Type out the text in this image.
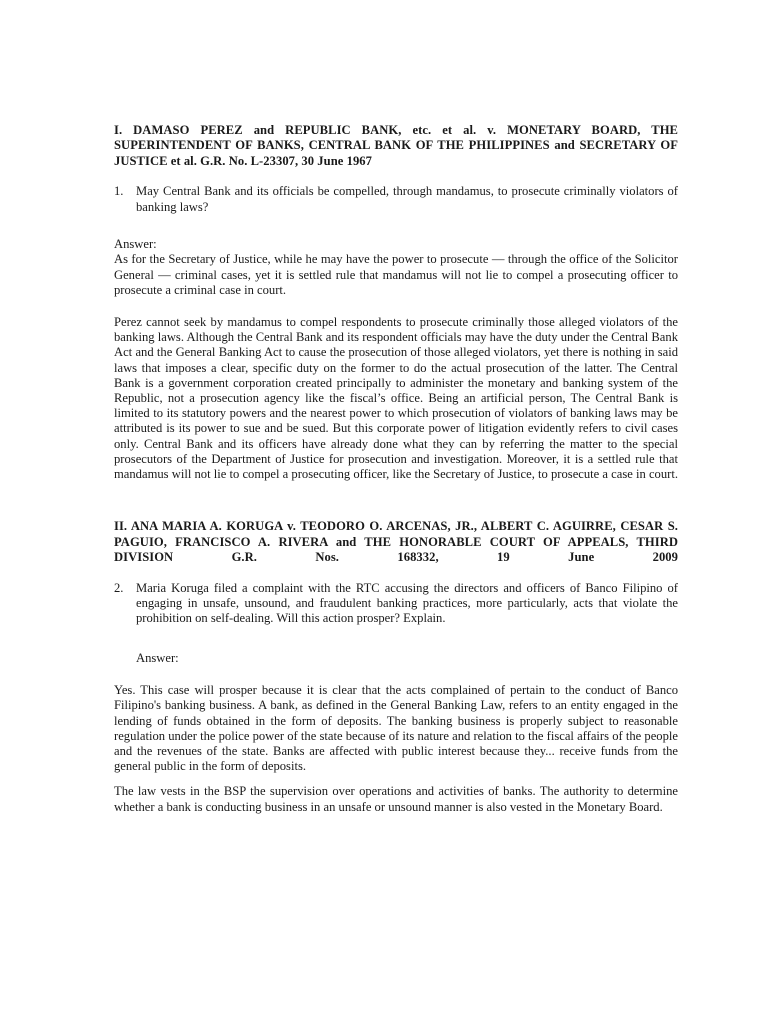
I. DAMASO PEREZ and REPUBLIC BANK, etc. et al. v. MONETARY BOARD, THE SUPERINTENDENT OF BANKS, CENTRAL BANK OF THE PHILIPPINES and SECRETARY OF JUSTICE et al. G.R. No. L-23307, 30 June 1967

1. May Central Bank and its officials be compelled, through mandamus, to prosecute criminally violators of banking laws?

Answer:

As for the Secretary of Justice, while he may have the power to prosecute — through the office of the Solicitor General — criminal cases, yet it is settled rule that mandamus will not lie to compel a prosecuting officer to prosecute a criminal case in court.

Perez cannot seek by mandamus to compel respondents to prosecute criminally those alleged violators of the banking laws. Although the Central Bank and its respondent officials may have the duty under the Central Bank Act and the General Banking Act to cause the prosecution of those alleged violators, yet there is nothing in said laws that imposes a clear, specific duty on the former to do the actual prosecution of the latter. The Central Bank is a government corporation created principally to administer the monetary and banking system of the Republic, not a prosecution agency like the fiscal’s office. Being an artificial person, The Central Bank is limited to its statutory powers and the nearest power to which prosecution of violators of banking laws may be attributed is its power to sue and be sued. But this corporate power of litigation evidently refers to civil cases only. Central Bank and its officers have already done what they can by referring the matter to the special prosecutors of the Department of Justice for prosecution and investigation. Moreover, it is a settled rule that mandamus will not lie to compel a prosecuting officer, like the Secretary of Justice, to prosecute a case in court.

II. ANA MARIA A. KORUGA v. TEODORO O. ARCENAS, JR., ALBERT C. AGUIRRE, CESAR S. PAGUIO, FRANCISCO A. RIVERA and THE HONORABLE COURT OF APPEALS, THIRD DIVISION G.R. Nos. 168332, 19 June 2009

2. Maria Koruga filed a complaint with the RTC accusing the directors and officers of Banco Filipino of engaging in unsafe, unsound, and fraudulent banking practices, more particularly, acts that violate the prohibition on self-dealing. Will this action prosper? Explain.

Answer:

Yes. This case will prosper because it is clear that the acts complained of pertain to the conduct of Banco Filipino's banking business. A bank, as defined in the General Banking Law, refers to an entity engaged in the lending of funds obtained in the form of deposits. The banking business is properly subject to reasonable regulation under the police power of the state because of its nature and relation to the fiscal affairs of the people and the revenues of the state. Banks are affected with public interest because they... receive funds from the general public in the form of deposits.

The law vests in the BSP the supervision over operations and activities of banks. The authority to determine whether a bank is conducting business in an unsafe or unsound manner is also vested in the Monetary Board.
